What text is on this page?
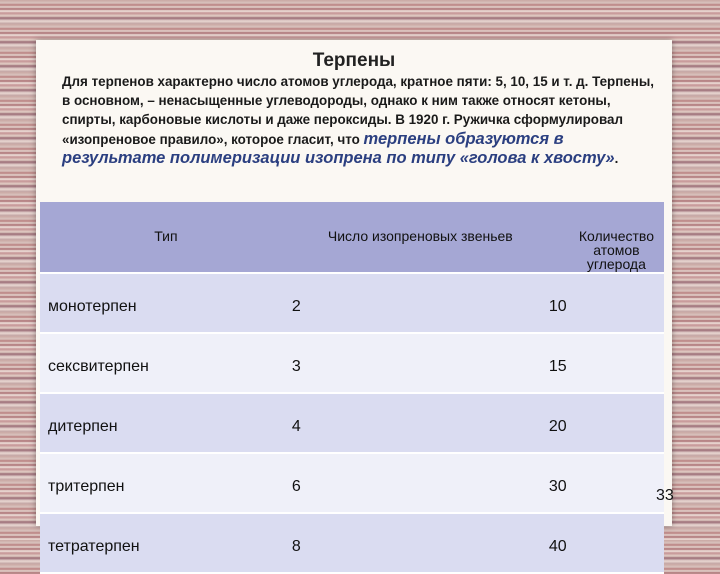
Терпены
Для терпенов характерно число атомов углерода, кратное пяти: 5, 10, 15 и т. д. Терпены, в основном, – ненасыщенные углеводороды, однако к ним также относят кетоны, спирты, карбоновые кислоты и даже пероксиды. В 1920 г. Ружичка сформулировал «изопреновое правило», которое гласит, что терпены образуются в результате полимеризации изопрена по типу «голова к хвосту».
Тип	Число изопреновых звеньев	Количество атомов углерода
монотерпен	2	10
сексвитерпен	3	15
дитерпен	4	20
тритерпен	6	30
тетратерпен	8	40
33
